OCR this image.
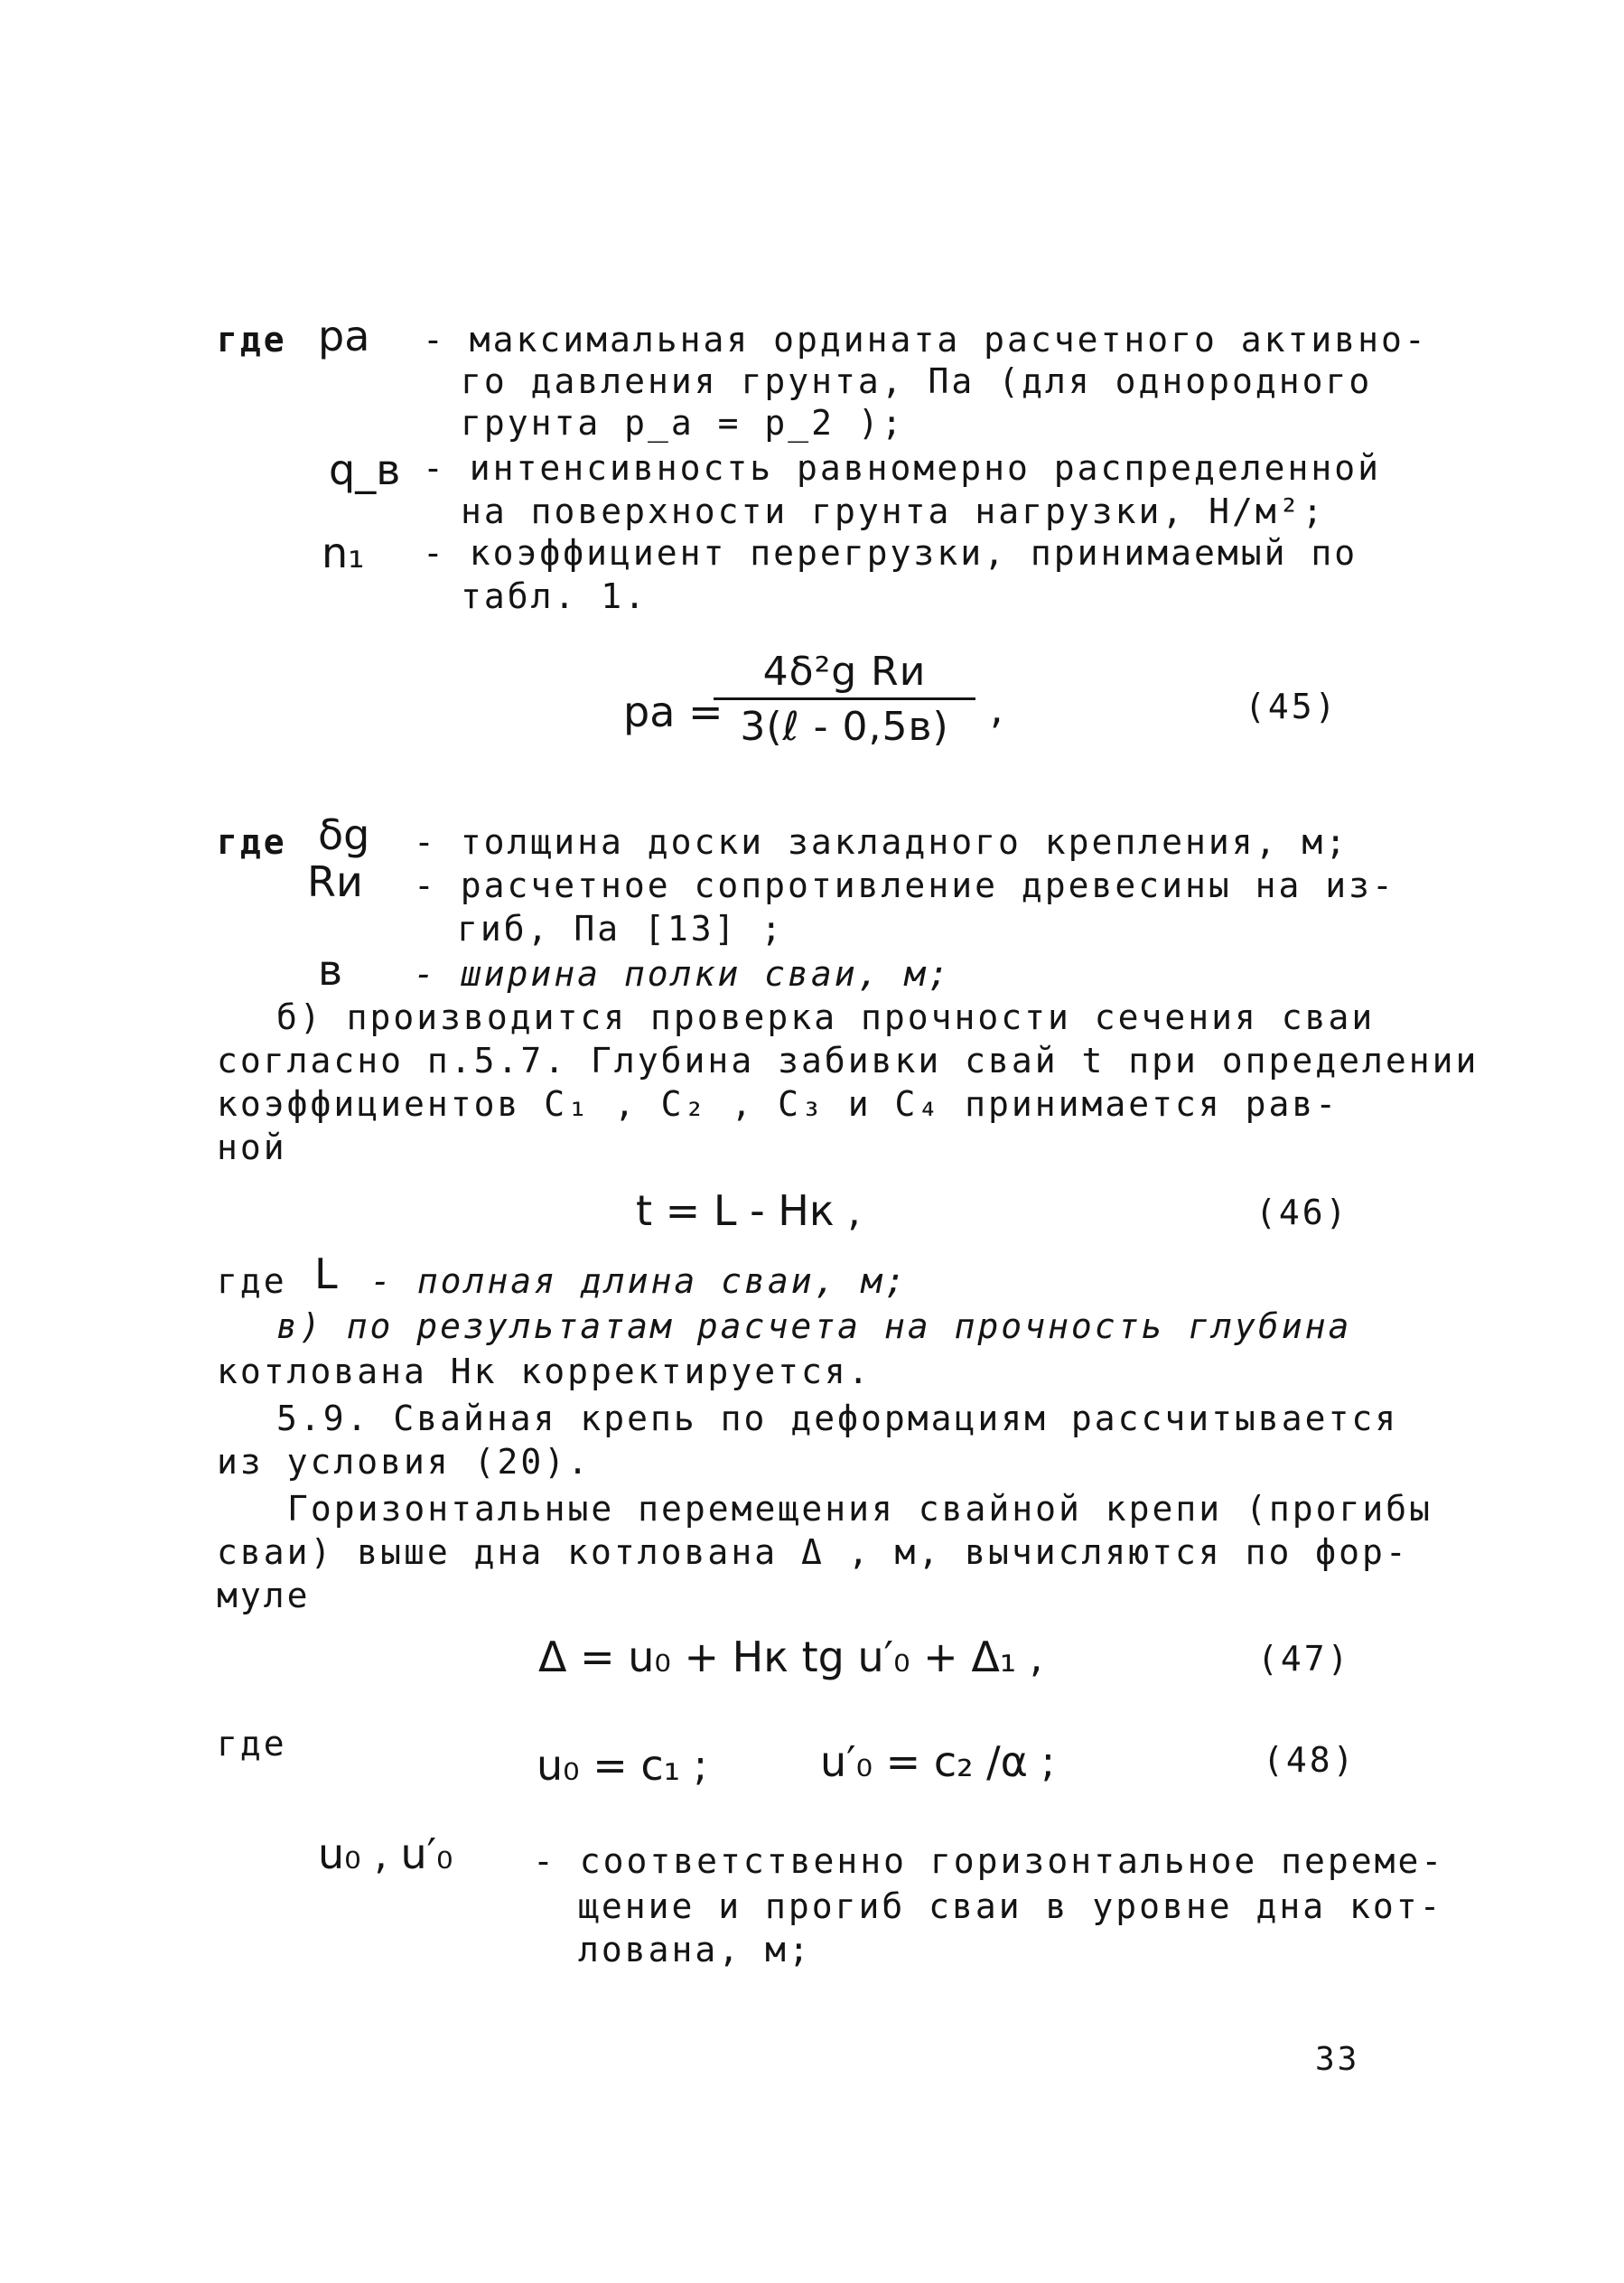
где pa - максимальная ордината расчетного активно-
го давления грунта, Па (для однородного
грунта p_a = p_2 );
q_в - интенсивность равномерно распределенной
на поверхности грунта нагрузки, Н/м²;
n₁ - коэффициент перегрузки, принимаемый по
табл. 1.
pa =
4δ²g Rи
3(ℓ - 0,5в) ,	(45)
где δg - толщина доски закладного крепления, м;
Rи - расчетное сопротивление древесины на из-
гиб, Па [13] ;
в - ширина полки сваи, м;
б) производится проверка прочности сечения сваи
согласно п.5.7. Глубина забивки свай t при определении
коэффициентов C₁ , C₂ , C₃ и C₄ принимается рав-
ной
t = L - Hк ,	(46)
где L - полная длина сваи, м;
в) по результатам расчета на прочность глубина
котлована Hк корректируется.
5.9. Свайная крепь по деформациям рассчитывается
из условия (20).
Горизонтальные перемещения свайной крепи (прогибы
сваи) выше дна котлована Δ , м, вычисляются по фор-
муле
Δ = u₀ + Hк tg u′₀ + Δ₁ ,	(47)
где	u₀ = c₁ ;	u′₀ = c₂ /α ;	(48)
u₀ , u′₀ - соответственно горизонтальное переме-
щение и прогиб сваи в уровне дна кот-
лована, м;
33
